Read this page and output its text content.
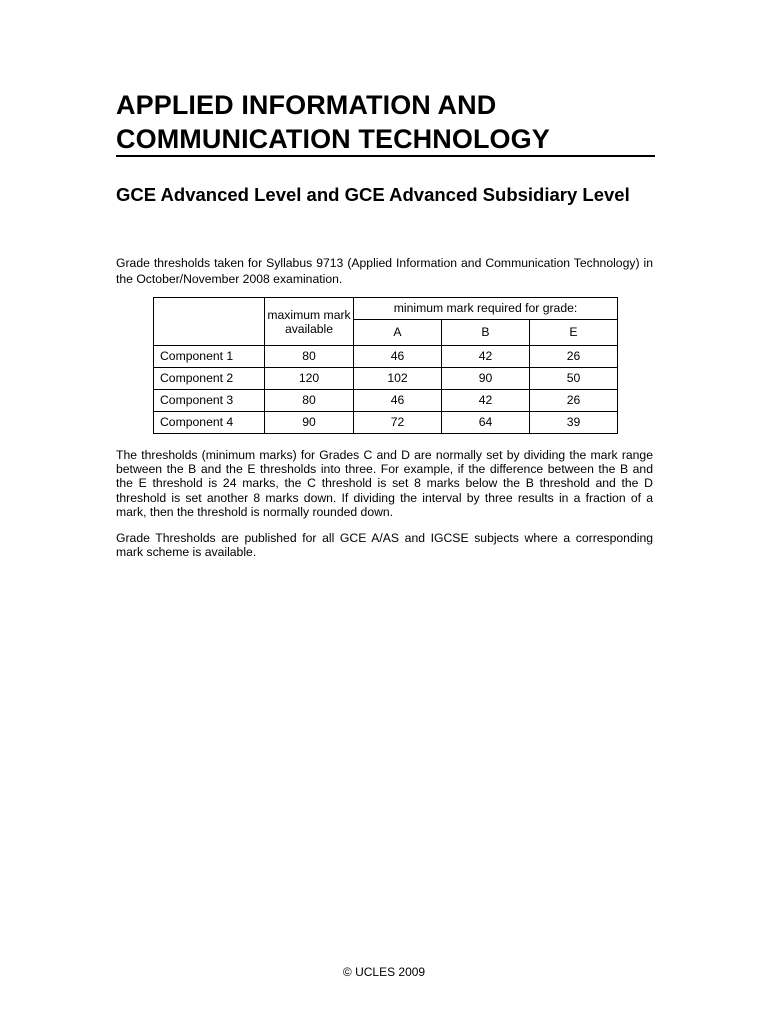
APPLIED INFORMATION AND COMMUNICATION TECHNOLOGY
GCE Advanced Level and GCE Advanced Subsidiary Level

Grade thresholds taken for Syllabus 9713 (Applied Information and Communication Technology) in the October/November 2008 examination.

	maximum mark available	minimum mark required for grade:		
		A	B	E
Component 1	80	46	42	26
Component 2	120	102	90	50
Component 3	80	46	42	26
Component 4	90	72	64	39

The thresholds (minimum marks) for Grades C and D are normally set by dividing the mark range between the B and the E thresholds into three. For example, if the difference between the B and the E threshold is 24 marks, the C threshold is set 8 marks below the B threshold and the D threshold is set another 8 marks down. If dividing the interval by three results in a fraction of a mark, then the threshold is normally rounded down.

Grade Thresholds are published for all GCE A/AS and IGCSE subjects where a corresponding mark scheme is available.

© UCLES 2009
